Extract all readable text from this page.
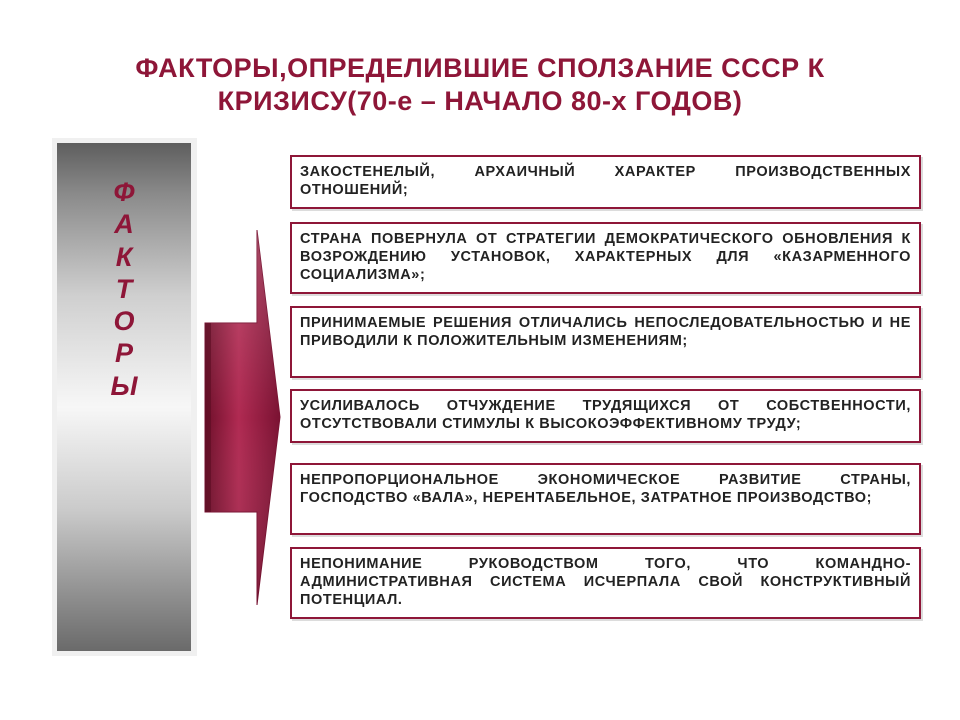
ФАКТОРЫ,ОПРЕДЕЛИВШИЕ СПОЛЗАНИЕ СССР К
КРИЗИСУ(70-е – НАЧАЛО 80-х ГОДОВ)
Ф
А
К
Т
О
Р
Ы
ЗАКОСТЕНЕЛЫЙ, АРХАИЧНЫЙ ХАРАКТЕР ПРОИЗВОДСТВЕННЫХ ОТНОШЕНИЙ;
СТРАНА ПОВЕРНУЛА ОТ СТРАТЕГИИ ДЕМОКРАТИЧЕСКОГО ОБНОВЛЕНИЯ К ВОЗРОЖДЕНИЮ УСТАНОВОК, ХАРАКТЕРНЫХ ДЛЯ «КАЗАРМЕННОГО СОЦИАЛИЗМА»;
ПРИНИМАЕМЫЕ РЕШЕНИЯ ОТЛИЧАЛИСЬ НЕПОСЛЕДОВАТЕЛЬНОСТЬЮ И НЕ ПРИВОДИЛИ К ПОЛОЖИТЕЛЬНЫМ ИЗМЕНЕНИЯМ;
УСИЛИВАЛОСЬ ОТЧУЖДЕНИЕ ТРУДЯЩИХСЯ ОТ СОБСТВЕННОСТИ, ОТСУТСТВОВАЛИ СТИМУЛЫ К ВЫСОКОЭФФЕКТИВНОМУ ТРУДУ;
НЕПРОПОРЦИОНАЛЬНОЕ ЭКОНОМИЧЕСКОЕ РАЗВИТИЕ СТРАНЫ, ГОСПОДСТВО «ВАЛА», НЕРЕНТАБЕЛЬНОЕ, ЗАТРАТНОЕ ПРОИЗВОДСТВО;
НЕПОНИМАНИЕ РУКОВОДСТВОМ ТОГО, ЧТО КОМАНДНО-АДМИНИСТРАТИВНАЯ СИСТЕМА ИСЧЕРПАЛА СВОЙ КОНСТРУКТИВНЫЙ ПОТЕНЦИАЛ.
